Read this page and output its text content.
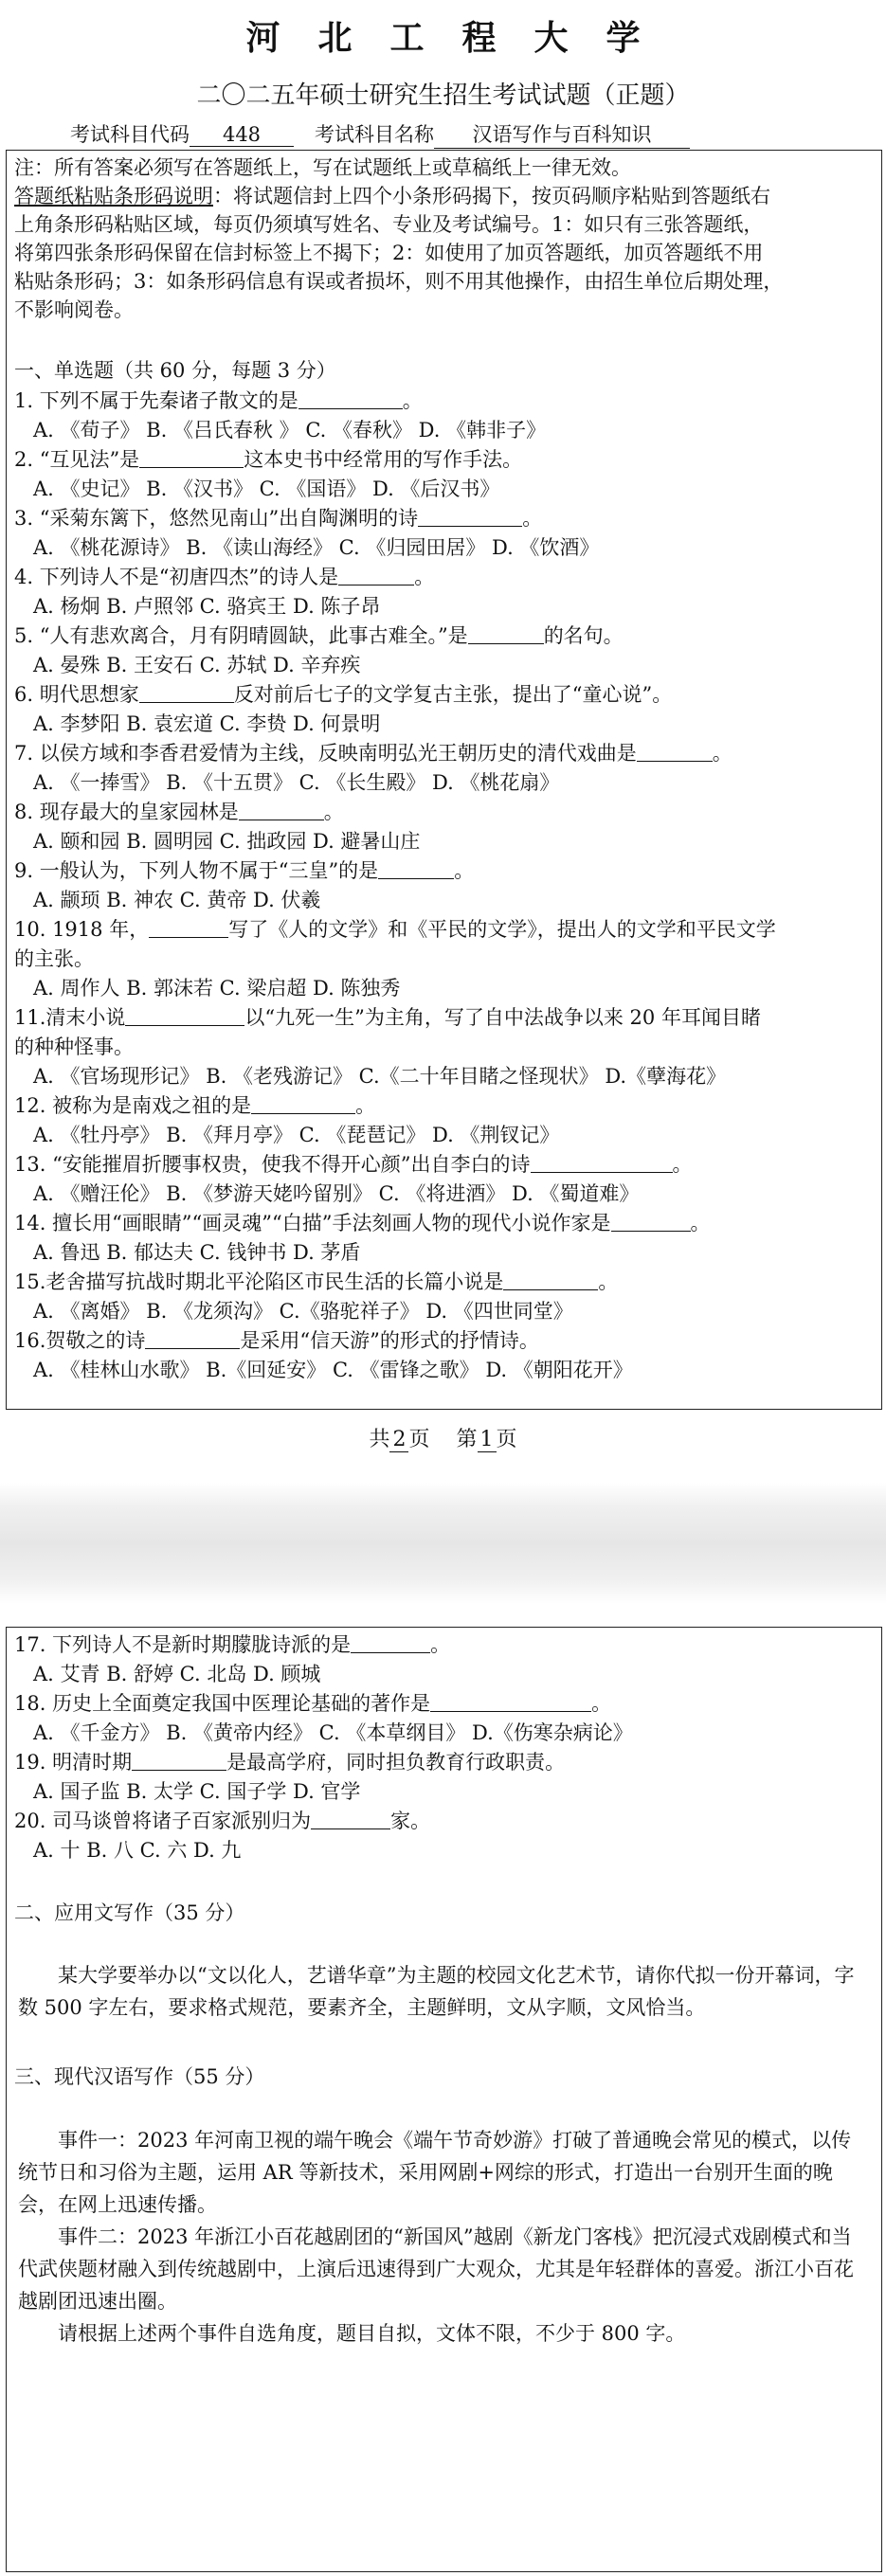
河北工程大学
二〇二五年硕士研究生招生考试试题（正题）
考试科目代码 448	考试科目名称 汉语写作与百科知识
注：所有答案必须写在答题纸上，写在试题纸上或草稿纸上一律无效。
答题纸粘贴条形码说明：将试题信封上四个小条形码揭下，按页码顺序粘贴到答题纸右
上角条形码粘贴区域，每页仍须填写姓名、专业及考试编号。1：如只有三张答题纸，
将第四张条形码保留在信封标签上不揭下；2：如使用了加页答题纸，加页答题纸不用
粘贴条形码；3：如条形码信息有误或者损坏，则不用其他操作，由招生单位后期处理，
不影响阅卷。
一、单选题（共 60 分，每题 3 分）
1. 下列不属于先秦诸子散文的是	。
A. 《荀子》 B. 《吕氏春秋 》 C. 《春秋》 D. 《韩非子》
2. “互见法”是	这本史书中经常用的写作手法。
A. 《史记》 B. 《汉书》 C. 《国语》 D. 《后汉书》
3. “采菊东篱下，悠然见南山”出自陶渊明的诗	。
A. 《桃花源诗》 B. 《读山海经》 C. 《归园田居》 D. 《饮酒》
4. 下列诗人不是“初唐四杰”的诗人是	。
A. 杨炯 B. 卢照邻 C. 骆宾王 D. 陈子昂
5. “人有悲欢离合，月有阴晴圆缺，此事古难全。”是	的名句。
A. 晏殊 B. 王安石 C. 苏轼 D. 辛弃疾
6. 明代思想家	反对前后七子的文学复古主张，提出了“童心说”。
A. 李梦阳 B. 袁宏道 C. 李贽 D. 何景明
7. 以侯方域和李香君爱情为主线，反映南明弘光王朝历史的清代戏曲是	。
A. 《一捧雪》 B. 《十五贯》 C. 《长生殿》 D. 《桃花扇》
8. 现存最大的皇家园林是	。
A. 颐和园 B. 圆明园 C. 拙政园 D. 避暑山庄
9. 一般认为，下列人物不属于“三皇”的是	。
A. 颛顼 B. 神农 C. 黄帝 D. 伏羲
10. 1918 年，	写了《人的文学》和《平民的文学》，提出人的文学和平民文学
的主张。
A. 周作人 B. 郭沫若 C. 梁启超 D. 陈独秀
11.清末小说	以“九死一生”为主角，写了自中法战争以来 20 年耳闻目睹
的种种怪事。
A. 《官场现形记》 B. 《老残游记》 C.《二十年目睹之怪现状》 D.《孽海花》
12. 被称为是南戏之祖的是	。
A. 《牡丹亭》 B. 《拜月亭》 C. 《琵琶记》 D. 《荆钗记》
13. “安能摧眉折腰事权贵，使我不得开心颜”出自李白的诗	。
A. 《赠汪伦》 B. 《梦游天姥吟留别》 C. 《将进酒》 D. 《蜀道难》
14. 擅长用“画眼睛”“画灵魂”“白描”手法刻画人物的现代小说作家是	。
A. 鲁迅 B. 郁达夫 C. 钱钟书 D. 茅盾
15.老舍描写抗战时期北平沦陷区市民生活的长篇小说是	。
A. 《离婚》 B. 《龙须沟》 C.《骆驼祥子》 D. 《四世同堂》
16.贺敬之的诗	是采用“信天游”的形式的抒情诗。
A. 《桂林山水歌》 B.《回延安》 C. 《雷锋之歌》 D. 《朝阳花开》
共 2 页 第 1 页
17. 下列诗人不是新时期朦胧诗派的是	。
A. 艾青 B. 舒婷 C. 北岛 D. 顾城
18. 历史上全面奠定我国中医理论基础的著作是	。
A. 《千金方》 B. 《黄帝内经》 C. 《本草纲目》 D.《伤寒杂病论》
19. 明清时期	是最高学府，同时担负教育行政职责。
A. 国子监 B. 太学 C. 国子学 D. 官学
20. 司马谈曾将诸子百家派别归为	家。
A. 十 B. 八 C. 六 D. 九
二、应用文写作（35 分）

某大学要举办以“文以化人，艺谱华章”为主题的校园文化艺术节，请你代拟一份开幕词，字数 500 字左右，要求格式规范，要素齐全，主题鲜明，文从字顺，文风恰当。

三、现代汉语写作（55 分）

事件一：2023 年河南卫视的端午晚会《端午节奇妙游》打破了普通晚会常见的模式，以传统节日和习俗为主题，运用 AR 等新技术，采用网剧+网综的形式，打造出一台别开生面的晚会，在网上迅速传播。

事件二：2023 年浙江小百花越剧团的“新国风”越剧《新龙门客栈》把沉浸式戏剧模式和当代武侠题材融入到传统越剧中，上演后迅速得到广大观众，尤其是年轻群体的喜爱。浙江小百花越剧团迅速出圈。

请根据上述两个事件自选角度，题目自拟，文体不限，不少于 800 字。
